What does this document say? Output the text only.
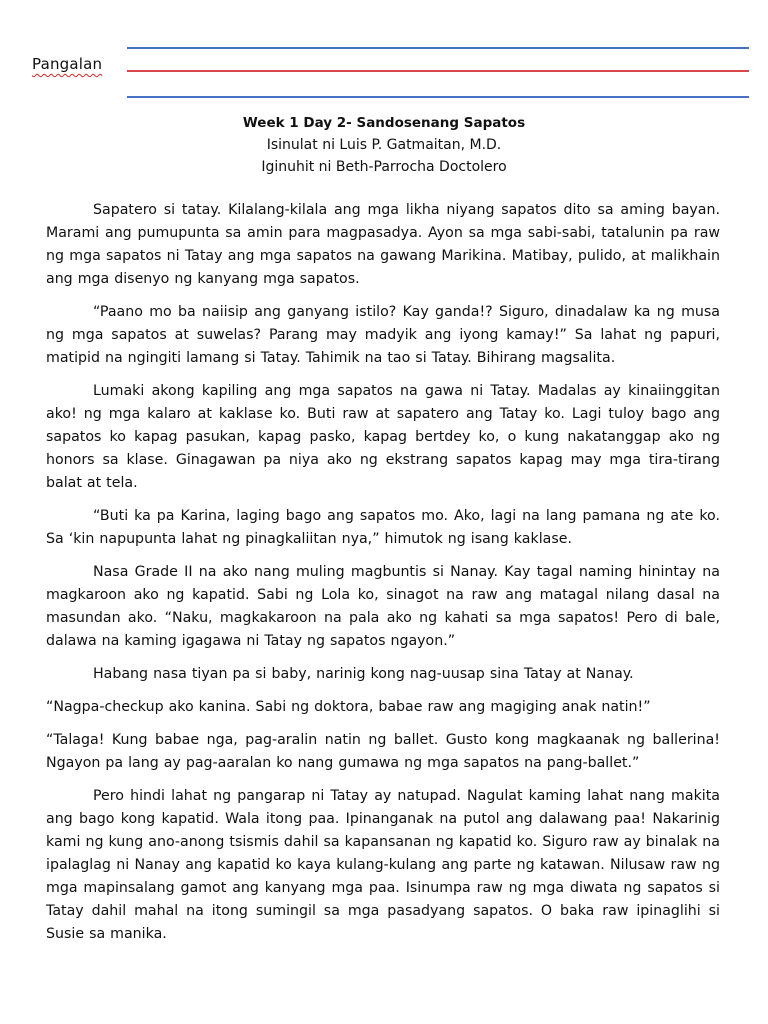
Pangalan
Week 1 Day 2- Sandosenang Sapatos
Isinulat ni Luis P. Gatmaitan, M.D.
Iginuhit ni Beth-Parrocha Doctolero

Sapatero si tatay. Kilalang-kilala ang mga likha niyang sapatos dito sa aming bayan. Marami ang pumupunta sa amin para magpasadya. Ayon sa mga sabi-sabi, tatalunin pa raw ng mga sapatos ni Tatay ang mga sapatos na gawang Marikina. Matibay, pulido, at malikhain ang mga disenyo ng kanyang mga sapatos.

“Paano mo ba naiisip ang ganyang istilo? Kay ganda!? Siguro, dinadalaw ka ng musa ng mga sapatos at suwelas? Parang may madyik ang iyong kamay!” Sa lahat ng papuri, matipid na ngingiti lamang si Tatay. Tahimik na tao si Tatay. Bihirang magsalita.

Lumaki akong kapiling ang mga sapatos na gawa ni Tatay. Madalas ay kinaiinggitan ako! ng mga kalaro at kaklase ko. Buti raw at sapatero ang Tatay ko. Lagi tuloy bago ang sapatos ko kapag pasukan, kapag pasko, kapag bertdey ko, o kung nakatanggap ako ng honors sa klase. Ginagawan pa niya ako ng ekstrang sapatos kapag may mga tira-tirang balat at tela.

“Buti ka pa Karina, laging bago ang sapatos mo. Ako, lagi na lang pamana ng ate ko. Sa ‘kin napupunta lahat ng pinagkaliitan nya,” himutok ng isang kaklase.

Nasa Grade II na ako nang muling magbuntis si Nanay. Kay tagal naming hinintay na magkaroon ako ng kapatid. Sabi ng Lola ko, sinagot na raw ang matagal nilang dasal na masundan ako. “Naku, magkakaroon na pala ako ng kahati sa mga sapatos! Pero di bale, dalawa na kaming igagawa ni Tatay ng sapatos ngayon.”

Habang nasa tiyan pa si baby, narinig kong nag-uusap sina Tatay at Nanay.

“Nagpa-checkup ako kanina. Sabi ng doktora, babae raw ang magiging anak natin!”

“Talaga! Kung babae nga, pag-aralin natin ng ballet. Gusto kong magkaanak ng ballerina! Ngayon pa lang ay pag-aaralan ko nang gumawa ng mga sapatos na pang-ballet.”

Pero hindi lahat ng pangarap ni Tatay ay natupad. Nagulat kaming lahat nang makita ang bago kong kapatid. Wala itong paa. Ipinanganak na putol ang dalawang paa! Nakarinig kami ng kung ano-anong tsismis dahil sa kapansanan ng kapatid ko. Siguro raw ay binalak na ipalaglag ni Nanay ang kapatid ko kaya kulang-kulang ang parte ng katawan. Nilusaw raw ng mga mapinsalang gamot ang kanyang mga paa. Isinumpa raw ng mga diwata ng sapatos si Tatay dahil mahal na itong sumingil sa mga pasadyang sapatos. O baka raw ipinaglihi si Susie sa manika.
